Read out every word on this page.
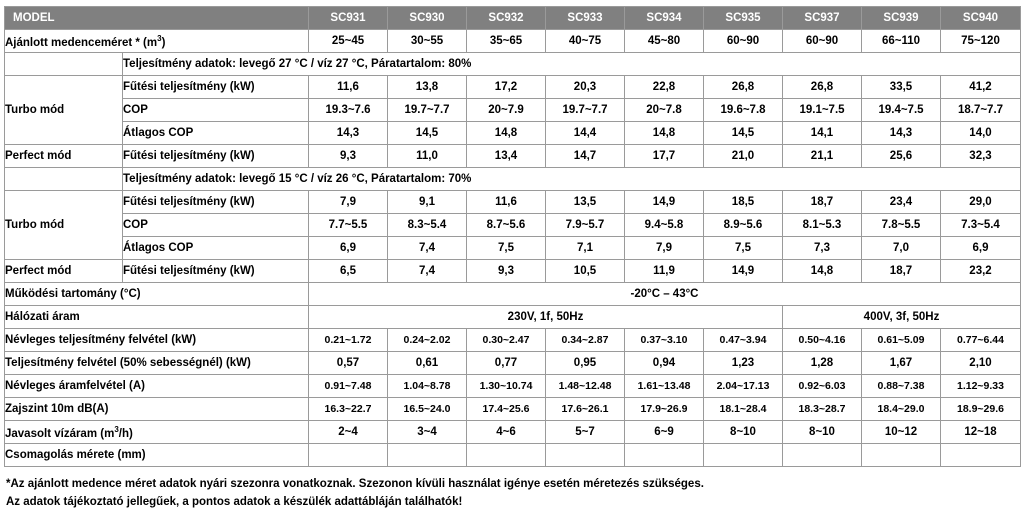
MODEL		SC931	SC930	SC932	SC933	SC934	SC935	SC937	SC939	SC940
Ajánlott medenceméret * $(m^3)$		25~45	30~55	35~65	40~75	45~80	60~90	60~90	66~110	75~120
	Teljesítmény adatok: levegő 27 °C / víz 27 °C, Páratartalom: 80%									
Turbo mód	Fűtési teljesítmény (kW)	11,6	13,8	17,2	20,3	22,8	26,8	26,8	33,5	41,2
	COP	19.3~7.6	19.7~7.7	20~7.9	19.7~7.7	20~7.8	19.6~7.8	19.1~7.5	19.4~7.5	18.7~7.7
	Átlagos COP	14,3	14,5	14,8	14,4	14,8	14,5	14,1	14,3	14,0
Perfect mód	Fűtési teljesítmény (kW)	9,3	11,0	13,4	14,7	17,7	21,0	21,1	25,6	32,3
	Teljesítmény adatok: levegő 15 °C / víz 26 °C, Páratartalom: 70%									
Turbo mód	Fűtési teljesítmény (kW)	7,9	9,1	11,6	13,5	14,9	18,5	18,7	23,4	29,0
	COP	7.7~5.5	8.3~5.4	8.7~5.6	7.9~5.7	9.4~5.8	8.9~5.6	8.1~5.3	7.8~5.5	7.3~5.4
	Átlagos COP	6,9	7,4	7,5	7,1	7,9	7,5	7,3	7,0	6,9
Perfect mód	Fűtési teljesítmény (kW)	6,5	7,4	9,3	10,5	11,9	14,9	14,8	18,7	23,2
Működési tartomány (°C)		-20°C – 43°C								
Hálózati áram		230V, 1f, 50Hz						400V, 3f, 50Hz		
Névleges teljesítmény felvétel (kW)		0.21~1.72	0.24~2.02	0.30~2.47	0.34~2.87	0.37~3.10	0.47~3.94	0.50~4.16	0.61~5.09	0.77~6.44
Teljesítmény felvétel (50% sebességnél) (kW)		0,57	0,61	0,77	0,95	0,94	1,23	1,28	1,67	2,10
Névleges áramfelvétel (A)		0.91~7.48	1.04~8.78	1.30~10.74	1.48~12.48	1.61~13.48	2.04~17.13	0.92~6.03	0.88~7.38	1.12~9.33
Zajszint 10m dB(A)		16.3~22.7	16.5~24.0	17.4~25.6	17.6~26.1	17.9~26.9	18.1~28.4	18.3~28.7	18.4~29.0	18.9~29.6
Javasolt vízáram $(m^3/h)$		2~4	3~4	4~6	5~7	6~9	8~10	8~10	10~12	12~18
Csomagolás mérete (mm)										
*Az ajánlott medence méret adatok nyári szezonra vonatkoznak. Szezonon kívüli használat igénye esetén méretezés szükséges.
Az adatok tájékoztató jellegűek, a pontos adatok a készülék adattábláján találhatók!
